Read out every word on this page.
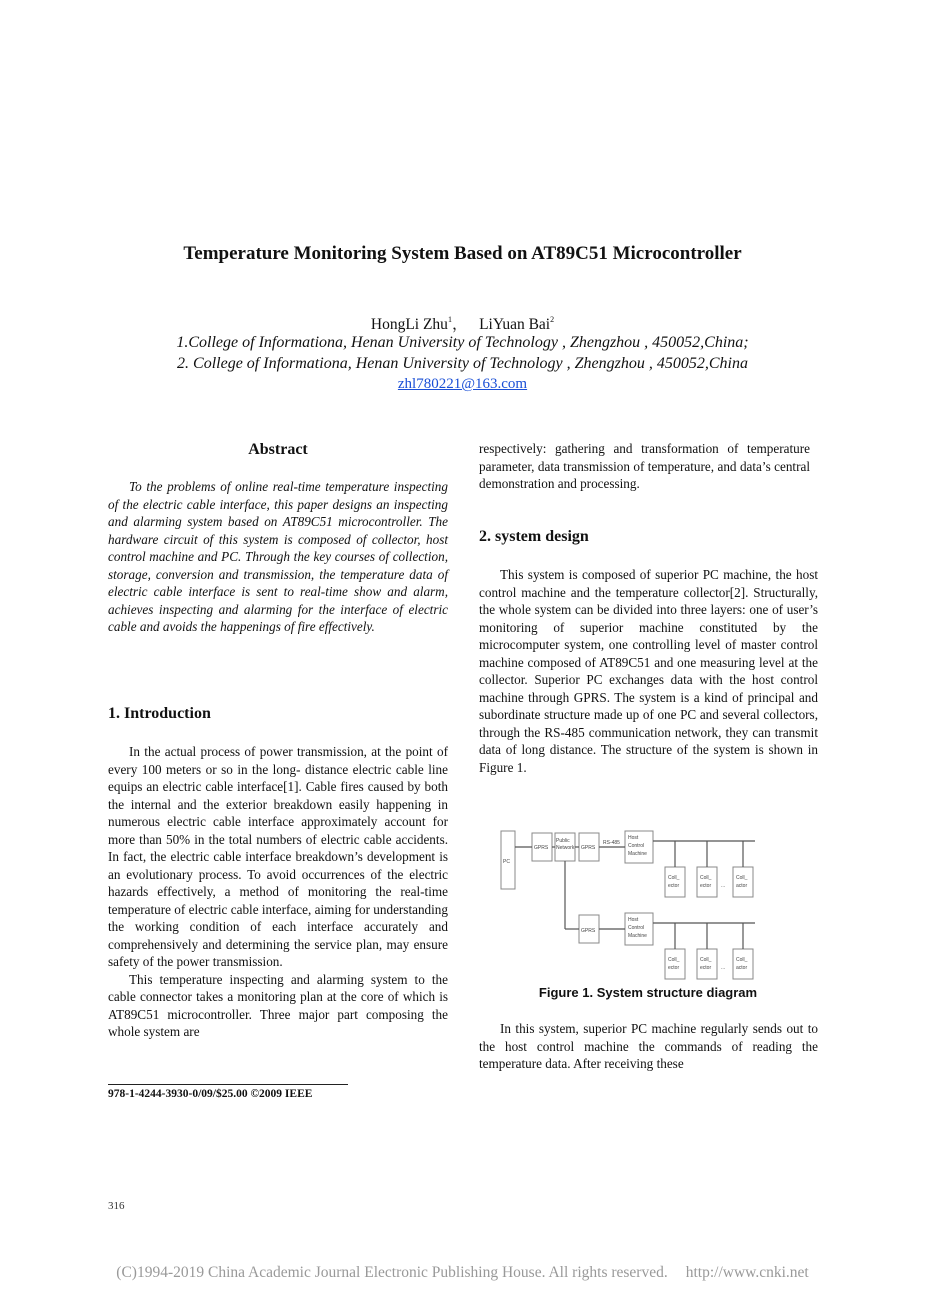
Temperature Monitoring System Based on AT89C51 Microcontroller
HongLi Zhu$^1$， LiYuan Bai$^2$
1.College of Informationa, Henan University of Technology , Zhengzhou , 450052,China;
2. College of Informationa, Henan University of Technology , Zhengzhou , 450052,China
zhl780221@163.com
Abstract

To the problems of online real-time temperature inspecting of the electric cable interface, this paper designs an inspecting and alarming system based on AT89C51 microcontroller. The hardware circuit of this system is composed of collector, host control machine and PC. Through the key courses of collection, storage, conversion and transmission, the temperature data of electric cable interface is sent to real-time show and alarm, achieves inspecting and alarming for the interface of electric cable and avoids the happenings of fire effectively.

1. Introduction

In the actual process of power transmission, at the point of every 100 meters or so in the long- distance electric cable line equips an electric cable interface[1]. Cable fires caused by both the internal and the exterior breakdown easily happening in numerous electric cable interface approximately account for more than 50% in the total numbers of electric cable accidents. In fact, the electric cable interface breakdown’s development is an evolutionary process. To avoid occurrences of the electric hazards effectively, a method of monitoring the real-time temperature of electric cable interface, aiming for understanding the working condition of each interface accurately and comprehensively and determining the service plan, may ensure safety of the power transmission.

This temperature inspecting and alarming system to the cable connector takes a monitoring plan at the core of which is AT89C51 microcontroller. Three major part composing the whole system are

respectively: gathering and transformation of temperature parameter, data transmission of temperature, and data’s central demonstration and processing.

2. system design

This system is composed of superior PC machine, the host control machine and the temperature collector[2]. Structurally, the whole system can be divided into three layers: one of user’s monitoring of superior machine constituted by the microcomputer system, one controlling level of master control machine composed of AT89C51 and one measuring level at the collector. Superior PC exchanges data with the host control machine through GPRS. The system is a kind of principal and subordinate structure made up of one PC and several collectors, through the RS-485 communication network, they can transmit data of long distance. The structure of the system is shown in Figure 1.

PC
GPRS
Public
Network GPRS
RS-485
Host
Control
Machine
GPRS
Host
Control
Machine
Coll_
ector
Coll_
ector
Coll_
actor
...
Coll_
ector
Coll_
ector
Coll_
actor
...
Figure 1. System structure diagram

In this system, superior PC machine regularly sends out to the host control machine the commands of reading the temperature data. After receiving these

978-1-4244-3930-0/09/$25.00 ©2009 IEEE
316
(C)1994-2019 China Academic Journal Electronic Publishing House. All rights reserved. http://www.cnki.net
